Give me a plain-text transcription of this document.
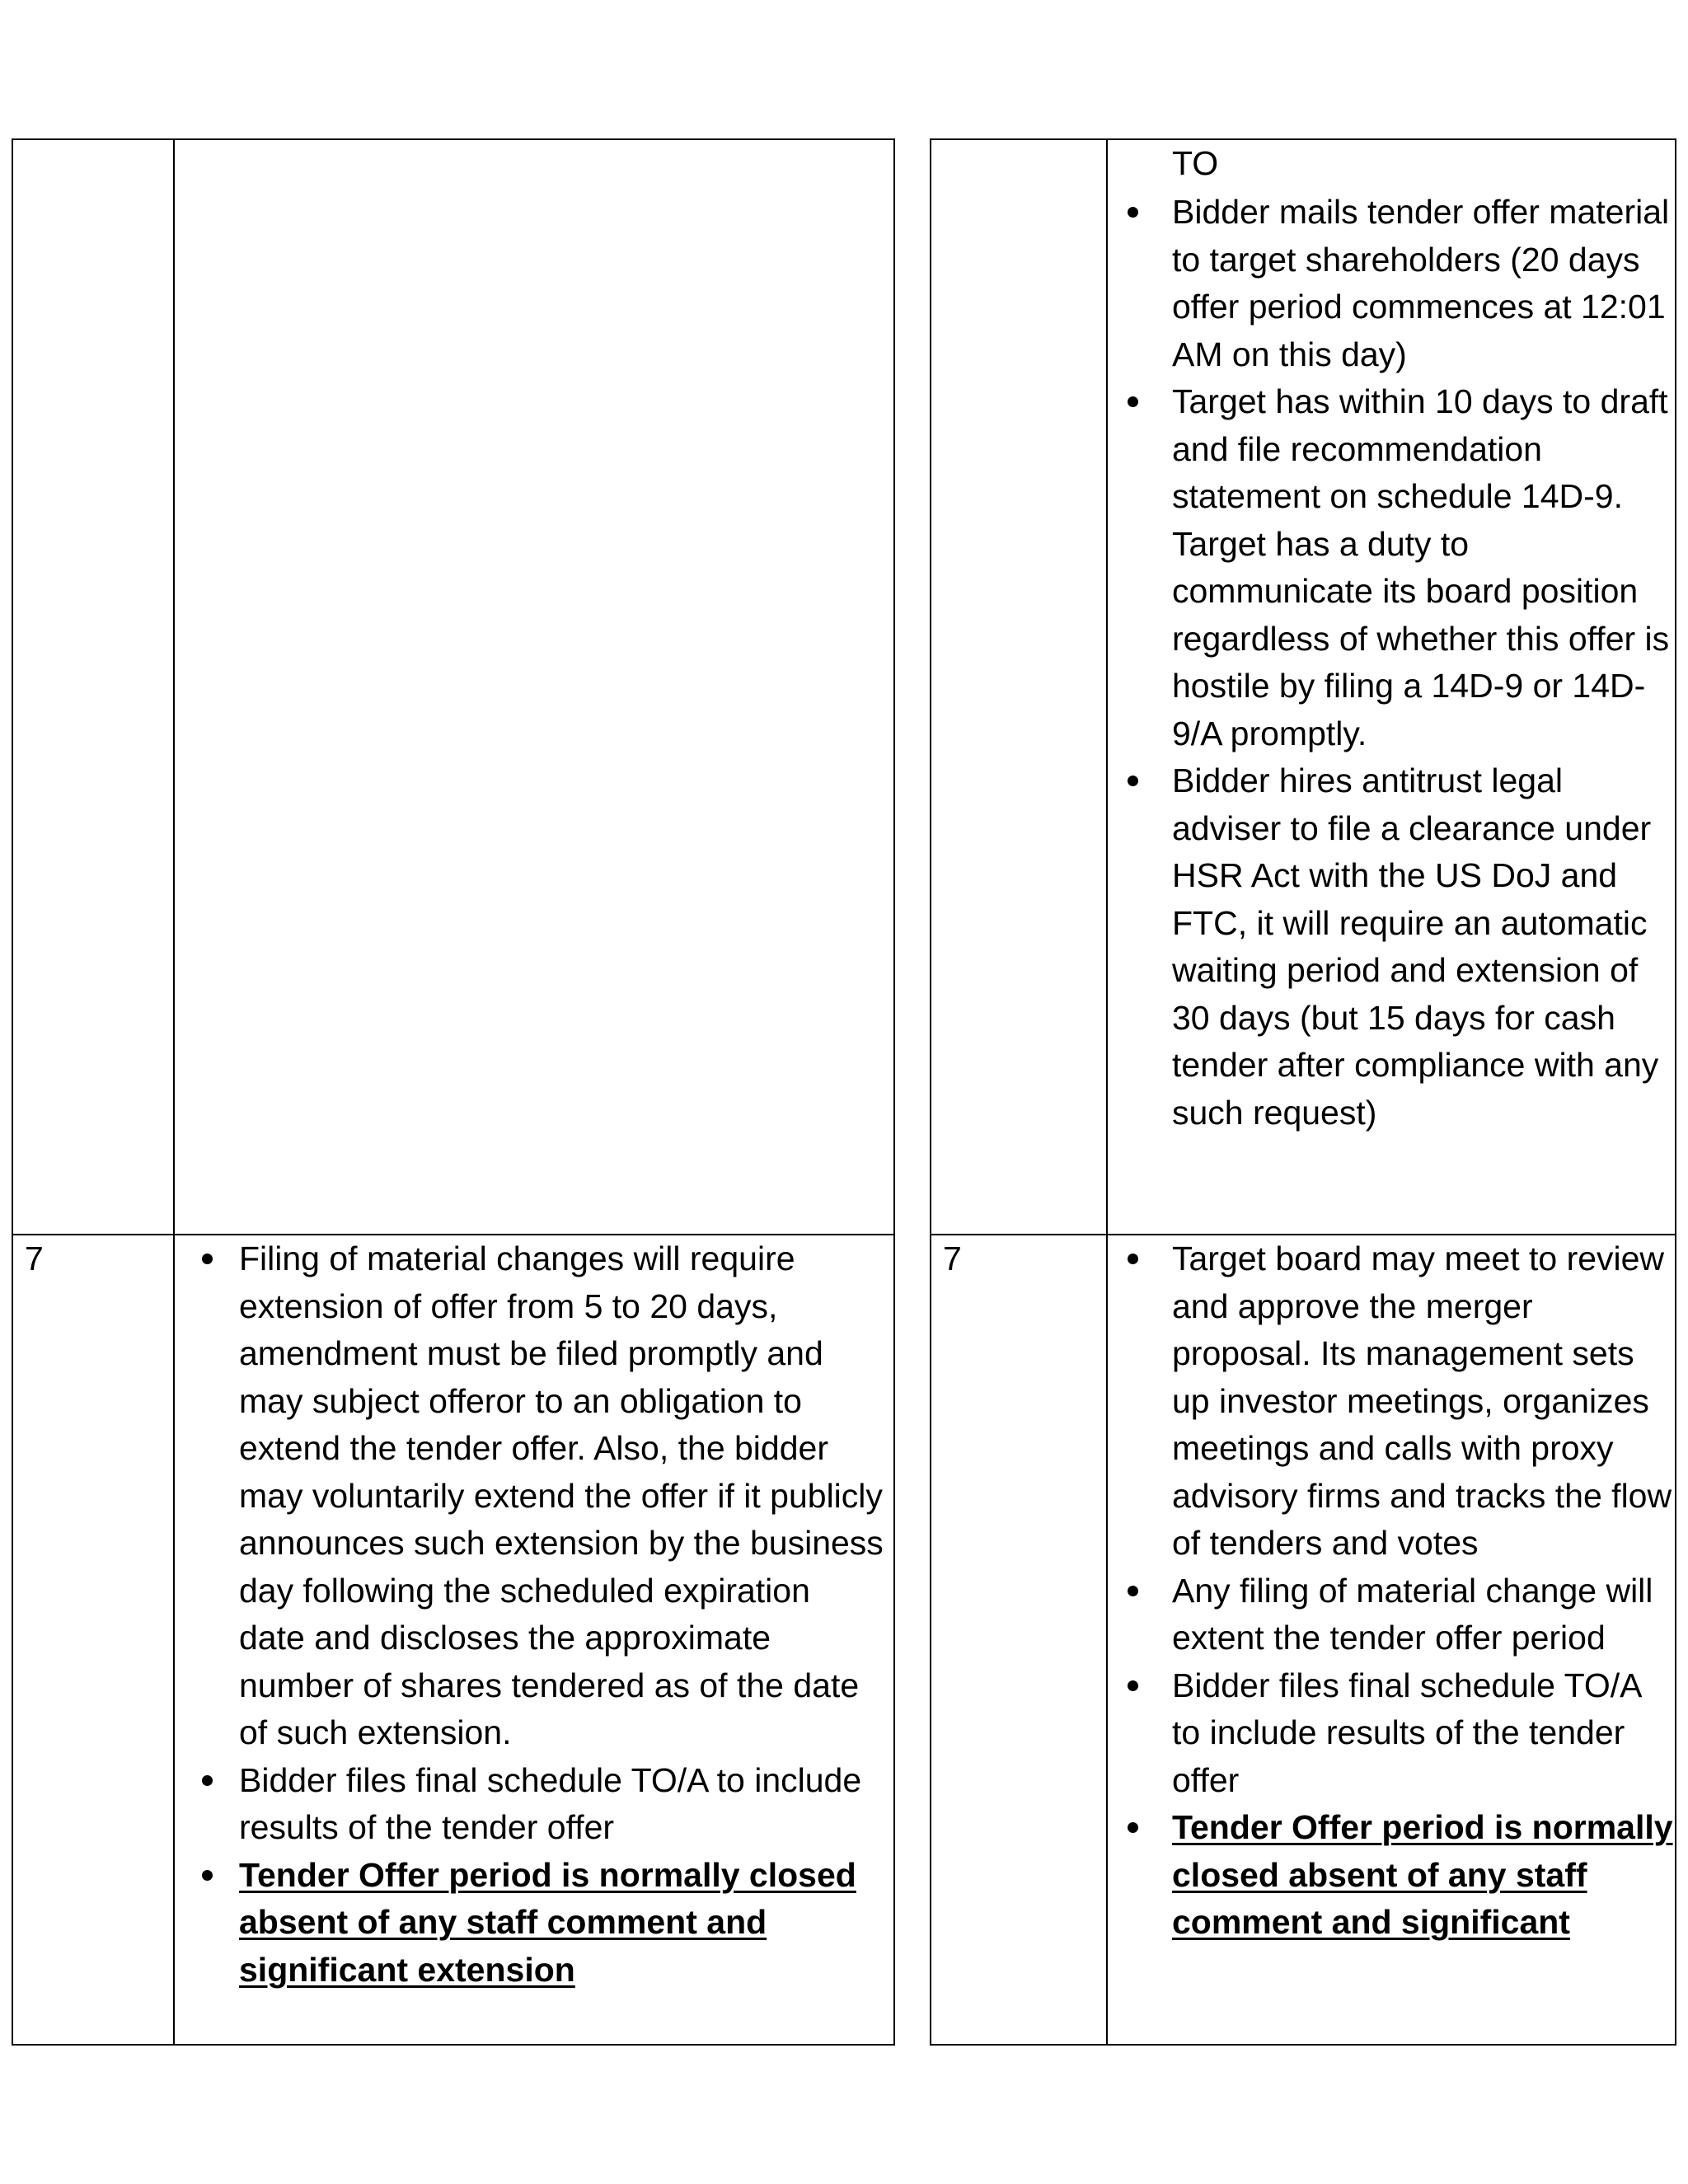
7	Filing of material changes will require extension of offer from 5 to 20 days, amendment must be filed promptly and may subject offeror to an obligation to extend the tender offer. Also, the bidder may voluntarily extend the offer if it publicly announces such extension by the business day following the scheduled expiration date and discloses the approximate number of shares tendered as of the date of such extension.
Bidder files final schedule TO/A to include results of the tender offer
Tender Offer period is normally closed absent of any staff comment and significant extension
TO
Bidder mails tender offer material to target shareholders (20 days offer period commences at 12:01 AM on this day)
Target has within 10 days to draft and file recommendation statement on schedule 14D-9. Target has a duty to communicate its board position regardless of whether this offer is hostile by filing a 14D-9 or 14D-9/A promptly.
Bidder hires antitrust legal adviser to file a clearance under HSR Act with the US DoJ and FTC, it will require an automatic waiting period and extension of 30 days (but 15 days for cash tender after compliance with any such request)
7	Target board may meet to review and approve the merger proposal. Its management sets up investor meetings, organizes meetings and calls with proxy advisory firms and tracks the flow of tenders and votes
Any filing of material change will extent the tender offer period
Bidder files final schedule TO/A to include results of the tender offer
Tender Offer period is normally closed absent of any staff comment and significant
